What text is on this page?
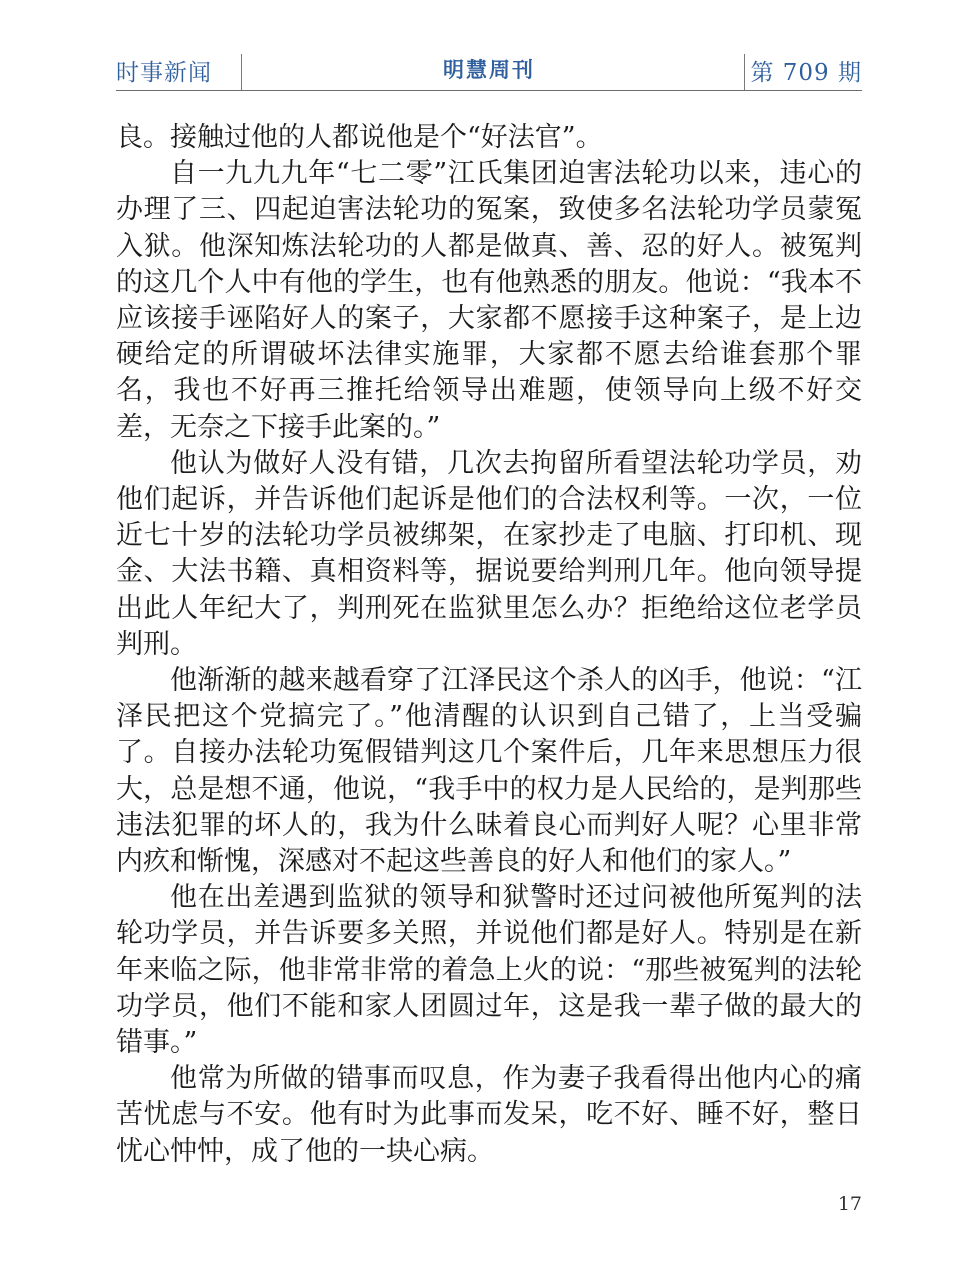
时事新闻	明慧周刊	第 709 期

良。接触过他的人都说他是个“好法官”。

自一九九九年“七二零”江氏集团迫害法轮功以来，违心的办理了三、四起迫害法轮功的冤案，致使多名法轮功学员蒙冤入狱。他深知炼法轮功的人都是做真、善、忍的好人。被冤判的这几个人中有他的学生，也有他熟悉的朋友。他说：“我本不应该接手诬陷好人的案子，大家都不愿接手这种案子，是上边硬给定的所谓破坏法律实施罪，大家都不愿去给谁套那个罪名，我也不好再三推托给领导出难题，使领导向上级不好交差，无奈之下接手此案的。”

他认为做好人没有错，几次去拘留所看望法轮功学员，劝他们起诉，并告诉他们起诉是他们的合法权利等。一次，一位近七十岁的法轮功学员被绑架，在家抄走了电脑、打印机、现金、大法书籍、真相资料等，据说要给判刑几年。他向领导提出此人年纪大了，判刑死在监狱里怎么办？拒绝给这位老学员判刑。

他渐渐的越来越看穿了江泽民这个杀人的凶手，他说：“江泽民把这个党搞完了。”他清醒的认识到自己错了，上当受骗了。自接办法轮功冤假错判这几个案件后，几年来思想压力很大，总是想不通，他说，“我手中的权力是人民给的，是判那些违法犯罪的坏人的，我为什么昧着良心而判好人呢？心里非常内疚和惭愧，深感对不起这些善良的好人和他们的家人。”

他在出差遇到监狱的领导和狱警时还过问被他所冤判的法轮功学员，并告诉要多关照，并说他们都是好人。特别是在新年来临之际，他非常非常的着急上火的说：“那些被冤判的法轮功学员，他们不能和家人团圆过年，这是我一辈子做的最大的错事。”

他常为所做的错事而叹息，作为妻子我看得出他内心的痛苦忧虑与不安。他有时为此事而发呆，吃不好、睡不好，整日忧心忡忡，成了他的一块心病。

17
